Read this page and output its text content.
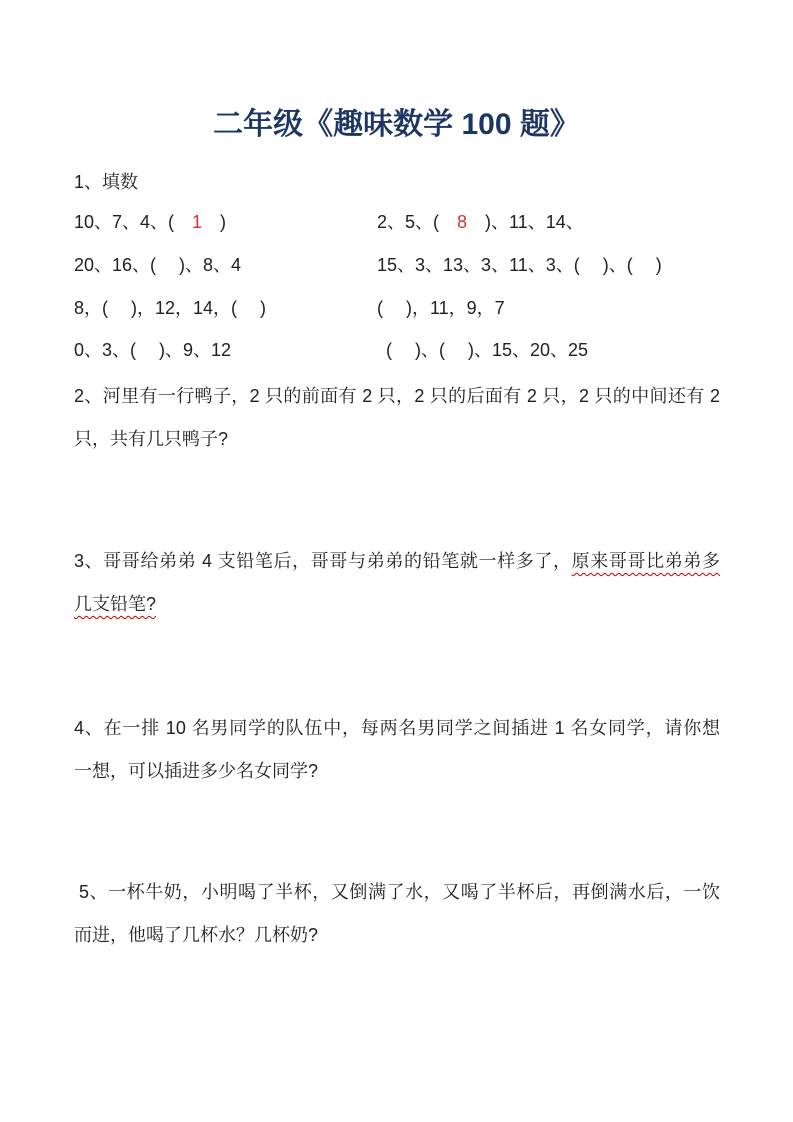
二年级《趣味数学 100 题》
1、填数
10、7、4、(　1　)	2、5、(　8　)、11、14、
20、16、(　 )、8、4	15、3、13、3、11、3、(　 )、(　 )
8，(　 )，12，14，(　 )	(　 )，11，9，7
0、3、(　 )、9、12	(　 )、(　 )、15、20、25
2、河里有一行鸭子，2 只的前面有 2 只，2 只的后面有 2 只，2 只的中间还有 2
只，共有几只鸭子?
3、哥哥给弟弟 4 支铅笔后，哥哥与弟弟的铅笔就一样多了，原来哥哥比弟弟多
几支铅笔?
4、在一排 10 名男同学的队伍中，每两名男同学之间插进 1 名女同学，请你想
一想，可以插进多少名女同学?
5、一杯牛奶，小明喝了半杯，又倒满了水，又喝了半杯后，再倒满水后，一饮
而进，他喝了几杯水？几杯奶?
